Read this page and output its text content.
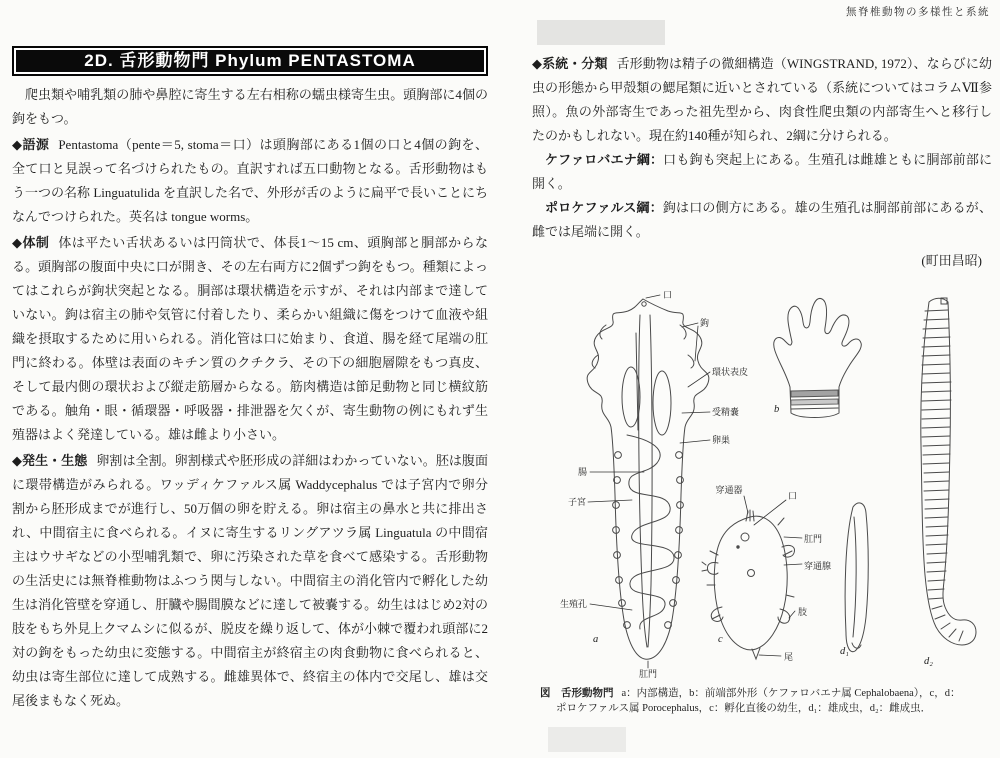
2D. 舌形動物門 Phylum PENTASTOMA

爬虫類や哺乳類の肺や鼻腔に寄生する左右相称の蠕虫様寄生虫。頭胸部に4個の鉤をもつ。

◆語源 Pentastoma（pente＝5, stoma＝口）は頭胸部にある1個の口と4個の鉤を、全て口と見誤って名づけられたもの。直訳すれば五口動物となる。舌形動物はもう一つの名称 Linguatulida を直訳した名で、外形が舌のように扁平で長いことにちなんでつけられた。英名は tongue worms。

◆体制 体は平たい舌状あるいは円筒状で、体長1～15 cm、頭胸部と胴部からなる。頭胸部の腹面中央に口が開き、その左右両方に2個ずつ鉤をもつ。種類によってはこれらが鉤状突起となる。胴部は環状構造を示すが、それは内部まで達していない。鉤は宿主の肺や気管に付着したり、柔らかい組織に傷をつけて血液や組織を摂取するために用いられる。消化管は口に始まり、食道、腸を経て尾端の肛門に終わる。体壁は表面のキチン質のクチクラ、その下の細胞層隙をもつ真皮、そして最内側の環状および縦走筋層からなる。筋肉構造は節足動物と同じ横紋筋である。触角・眼・循環器・呼吸器・排泄器を欠くが、寄生動物の例にもれず生殖器はよく発達している。雄は雌より小さい。

◆発生・生態 卵割は全割。卵割様式や胚形成の詳細はわかっていない。胚は腹面に環帯構造がみられる。ワッディケファルス属 Waddycephalus では子宮内で卵分割から胚形成までが進行し、50万個の卵を貯える。卵は宿主の鼻水と共に排出され、中間宿主に食べられる。イヌに寄生するリングアツラ属 Linguatula の中間宿主はウサギなどの小型哺乳類で、卵に汚染された草を食べて感染する。舌形動物の生活史には無脊椎動物はふつう関与しない。中間宿主の消化管内で孵化した幼生は消化管壁を穿通し、肝臓や腸間膜などに達して被嚢する。幼生ははじめ2対の肢をもち外見上クマムシに似るが、脱皮を繰り返して、体が小棘で覆われ頭部に2対の鉤をもった幼虫に変態する。中間宿主が終宿主の肉食動物に食べられると、幼虫は寄生部位に達して成熟する。雌雄異体で、終宿主の体内で交尾し、雄は交尾後まもなく死ぬ。

無脊椎動物の多様性と系統

◆系統・分類 舌形動物は精子の微細構造（WINGSTRAND, 1972）、ならびに幼虫の形態から甲殻類の鰓尾類に近いとされている（系統についてはコラムⅦ参照）。魚の外部寄生であった祖先型から、肉食性爬虫類の内部寄生へと移行したのかもしれない。現在約140種が知られ、2綱に分けられる。

ケファロバエナ綱：口も鉤も突起上にある。生殖孔は雌雄ともに胴部前部に開く。

ポロケファルス綱：鉤は口の側方にある。雄の生殖孔は胴部前部にあるが、雌では尾端に開く。

(町田昌昭)

口
鉤
環状表皮
受精嚢
卵巣
腸
子宮
生殖孔
肛門
a
b
穿通器
口
肛門
穿通腺
肢
尾
c
d₁
d₂
図　舌形動物門 a：内部構造，b：前端部外形（ケファロバエナ属 Cephalobaena），c，d：
ポロケファルス属 Porocephalus，c：孵化直後の幼生，d₁：雄成虫，d₂：雌成虫．
